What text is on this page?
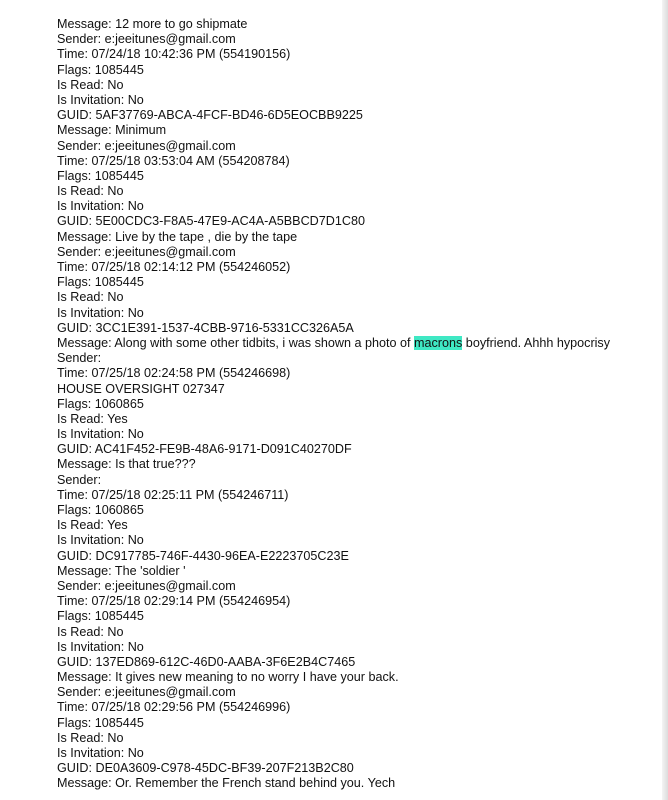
Message: 12 more to go shipmate
Sender: e:jeeitunes@gmail.com
Time: 07/24/18 10:42:36 PM (554190156)
Flags: 1085445
Is Read: No
Is Invitation: No
GUID: 5AF37769-ABCA-4FCF-BD46-6D5EOCBB9225
Message: Minimum
Sender: e:jeeitunes@gmail.com
Time: 07/25/18 03:53:04 AM (554208784)
Flags: 1085445
Is Read: No
Is Invitation: No
GUID: 5E00CDC3-F8A5-47E9-AC4A-A5BBCD7D1C80
Message: Live by the tape , die by the tape
Sender: e:jeeitunes@gmail.com
Time: 07/25/18 02:14:12 PM (554246052)
Flags: 1085445
Is Read: No
Is Invitation: No
GUID: 3CC1E391-1537-4CBB-9716-5331CC326A5A
Message: Along with some other tidbits, i was shown a photo of macrons boyfriend. Ahhh hypocrisy
Sender:
Time: 07/25/18 02:24:58 PM (554246698)
HOUSE OVERSIGHT 027347
Flags: 1060865
Is Read: Yes
Is Invitation: No
GUID: AC41F452-FE9B-48A6-9171-D091C40270DF
Message: Is that true???
Sender:
Time: 07/25/18 02:25:11 PM (554246711)
Flags: 1060865
Is Read: Yes
Is Invitation: No
GUID: DC917785-746F-4430-96EA-E2223705C23E
Message: The 'soldier '
Sender: e:jeeitunes@gmail.com
Time: 07/25/18 02:29:14 PM (554246954)
Flags: 1085445
Is Read: No
Is Invitation: No
GUID: 137ED869-612C-46D0-AABA-3F6E2B4C7465
Message: It gives new meaning to no worry I have your back.
Sender: e:jeeitunes@gmail.com
Time: 07/25/18 02:29:56 PM (554246996)
Flags: 1085445
Is Read: No
Is Invitation: No
GUID: DE0A3609-C978-45DC-BF39-207F213B2C80
Message: Or. Remember the French stand behind you. Yech
